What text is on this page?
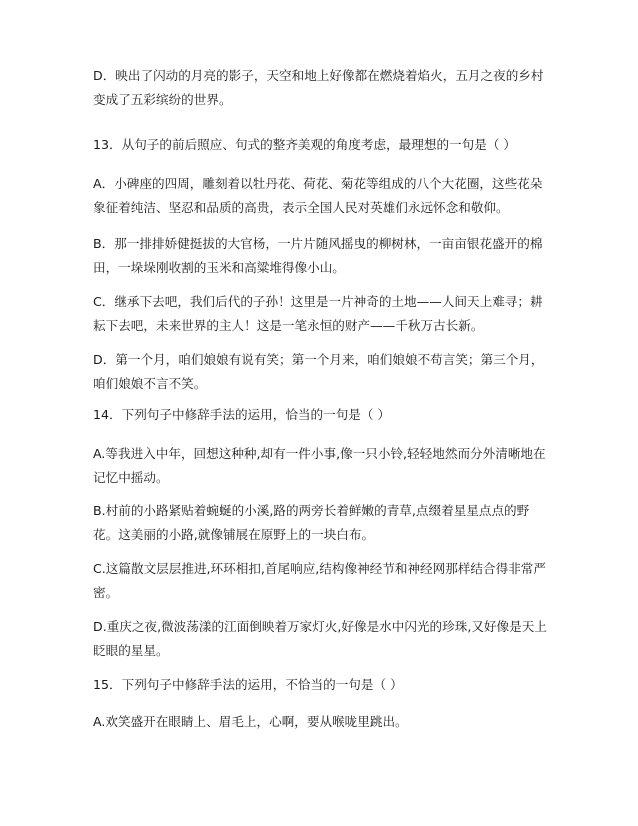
D．映出了闪动的月亮的影子，天空和地上好像都在燃烧着焰火，五月之夜的乡村
变成了五彩缤纷的世界。

13．从句子的前后照应、句式的整齐美观的角度考虑，最理想的一句是（ ）

A．小碑座的四周，雕刻着以牡丹花、荷花、菊花等组成的八个大花圈，这些花朵
象征着纯洁、坚忍和品质的高贵，表示全国人民对英雄们永远怀念和敬仰。

B．那一排排娇健挺拔的大官杨，一片片随风摇曳的柳树林，一亩亩银花盛开的棉
田，一垛垛刚收割的玉米和高粱堆得像小山。

C．继承下去吧，我们后代的子孙！这里是一片神奇的土地——人间天上难寻；耕
耘下去吧，未来世界的主人！这是一笔永恒的财产——千秋万古长新。

D．第一个月，咱们娘娘有说有笑；第一个月来，咱们娘娘不苟言笑；第三个月，
咱们娘娘不言不笑。

14．下列句子中修辞手法的运用，恰当的一句是（ ）

A.等我进入中年，回想这种种,却有一件小事,像一只小铃,轻轻地然而分外清晰地在
记忆中摇动。

B.村前的小路紧贴着蜿蜒的小溪,路的两旁长着鲜嫩的青草,点缀着星星点点的野
花。这美丽的小路,就像铺展在原野上的一块白布。

C.这篇散文层层推进,环环相扣,首尾响应,结构像神经节和神经网那样结合得非常严
密。

D.重庆之夜,微波荡漾的江面倒映着万家灯火,好像是水中闪光的珍珠,又好像是天上
眨眼的星星。

15．下列句子中修辞手法的运用，不恰当的一句是（ ）

A.欢笑盛开在眼睛上、眉毛上，心啊，要从喉咙里跳出。
